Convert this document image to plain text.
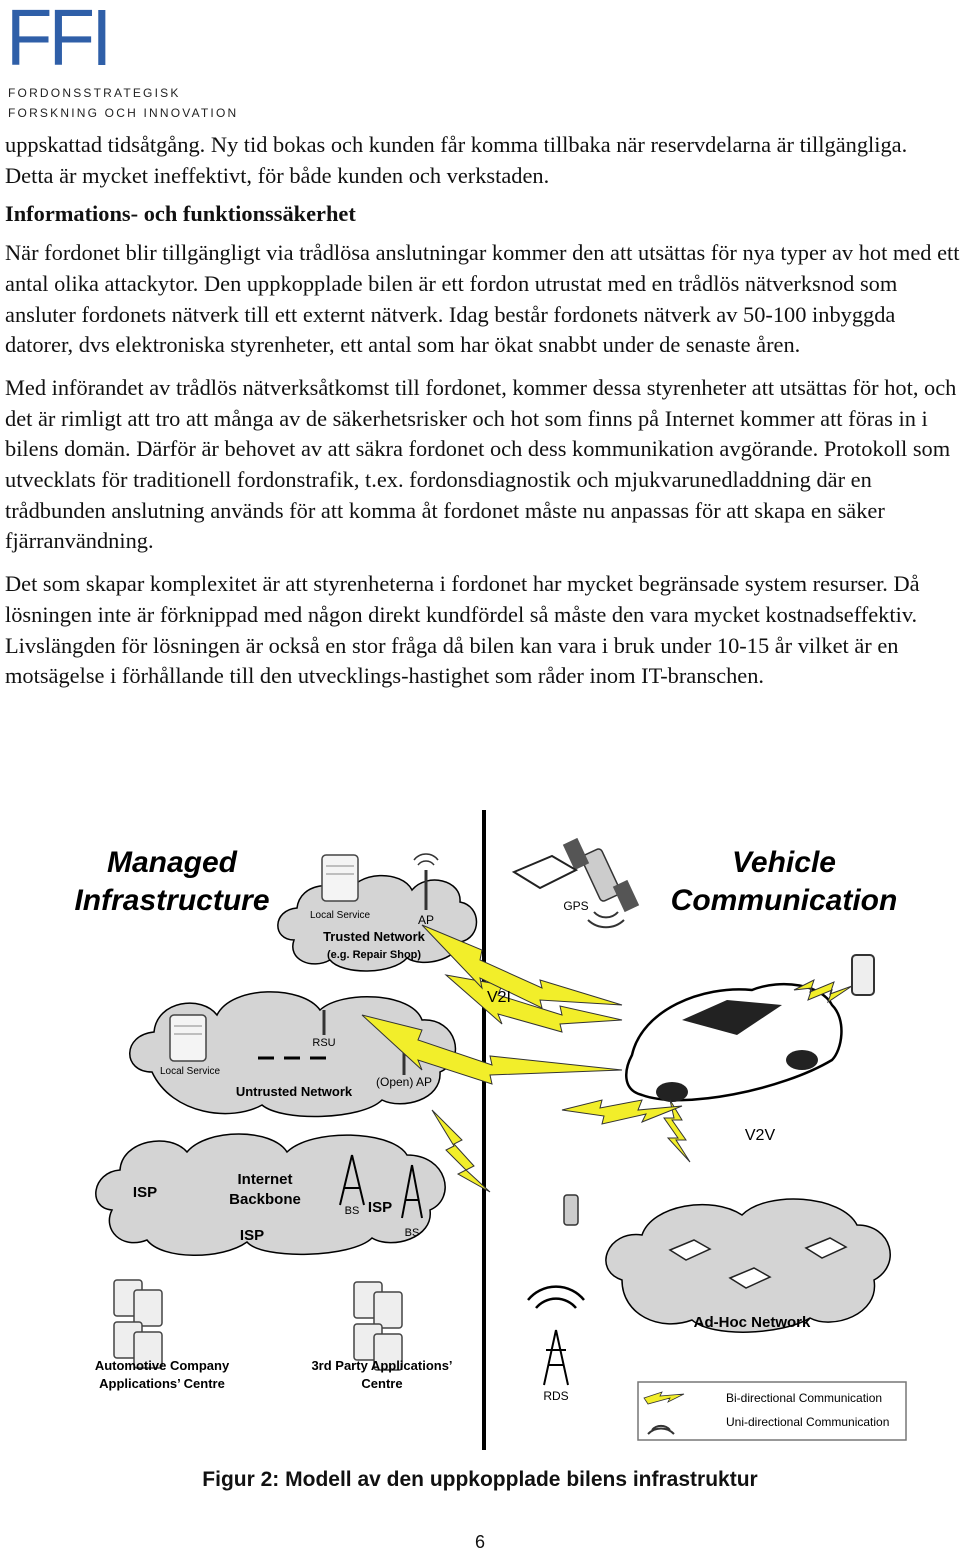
FFI
FORDONSSTRATEGISK
FORSKNING OCH INNOVATION

uppskattad tidsåtgång. Ny tid bokas och kunden får komma tillbaka när reservdelarna är tillgängliga. Detta är mycket ineffektivt, för både kunden och verkstaden.

Informations- och funktionssäkerhet

När fordonet blir tillgängligt via trådlösa anslutningar kommer den att utsättas för nya typer av hot med ett antal olika attackytor. Den uppkopplade bilen är ett fordon utrustat med en trådlös nätverksnod som ansluter fordonets nätverk till ett externt nätverk. Idag består fordonets nätverk av 50-100 inbyggda datorer, dvs elektroniska styrenheter, ett antal som har ökat snabbt under de senaste åren.

Med införandet av trådlös nätverksåtkomst till fordonet, kommer dessa styrenheter att utsättas för hot, och det är rimligt att tro att många av de säkerhetsrisker och hot som finns på Internet kommer att föras in i bilens domän. Därför är behovet av att säkra fordonet och dess kommunikation avgörande. Protokoll som utvecklats för traditionell fordonstrafik, t.ex. fordonsdiagnostik och mjukvarunedladdning där en trådbunden anslutning används för att komma åt fordonet måste nu anpassas för att skapa en säker fjärranvändning.

Det som skapar komplexitet är att styrenheterna i fordonet har mycket begränsade system resurser. Då lösningen inte är förknippad med någon direkt kundfördel så måste den vara mycket kostnadseffektiv. Livslängden för lösningen är också en stor fråga då bilen kan vara i bruk under 10-15 år vilket är en motsägelse i förhållande till den utvecklings-hastighet som råder inom IT-branschen.

Managed
Infrastructure
Vehicle
Communication
Local Service	AP
Trusted Network
(e.g. Repair Shop)
Local Service
RSU
(Open) AP
Untrusted Network
ISP
Internet
Backbone
ISP
ISP
BS
BS
Automotive Company
Applications’ Centre
3rd Party Applications’
Centre
GPS
V2I
V2V
Ad-Hoc Network
RDS	Bi-directional Communication
Uni-directional Communication
Figur 2: Modell av den uppkopplade bilens infrastruktur
6
